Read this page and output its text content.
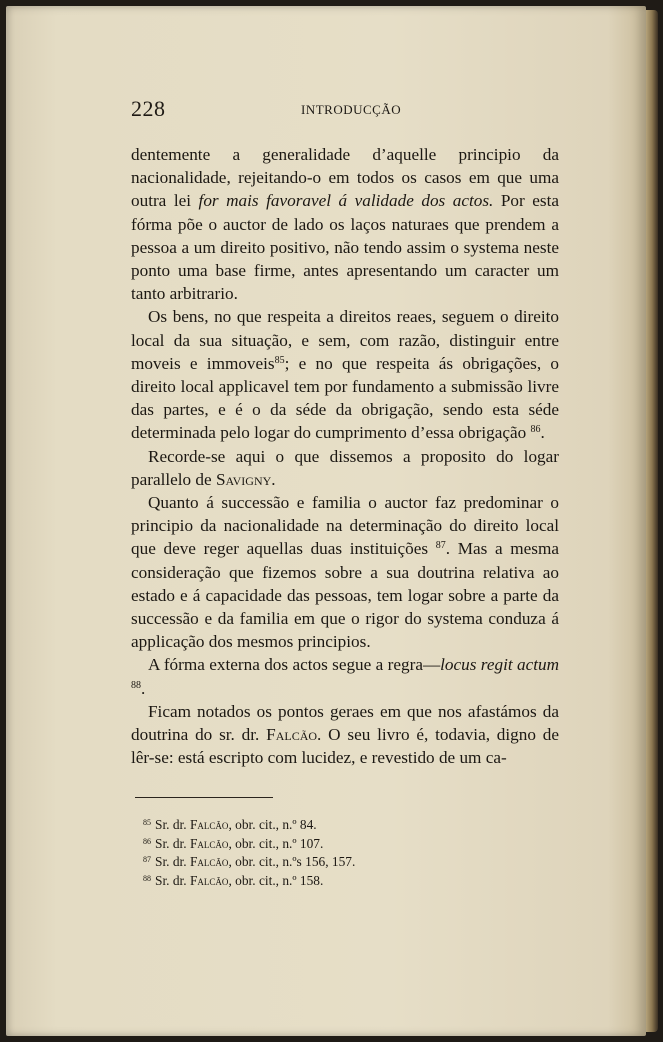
228	INTRODUCÇÃO

dentemente a generalidade d’aquelle principio da nacionalidade, rejeitando-o em todos os casos em que uma outra lei for mais favoravel á validade dos actos. Por esta fórma põe o auctor de lado os laços naturaes que prendem a pessoa a um direito positivo, não tendo assim o systema neste ponto uma base firme, antes apresentando um caracter um tanto arbitrario.

Os bens, no que respeita a direitos reaes, seguem o direito local da sua situação, e sem, com razão, distinguir entre moveis e immoveis$^{85}$; e no que respeita ás obrigações, o direito local applicavel tem por fundamento a submissão livre das partes, e é o da séde da obrigação, sendo esta séde determinada pelo logar do cumprimento d’essa obrigação $^{86}$.

Recorde-se aqui o que dissemos a proposito do logar parallelo de Savigny.

Quanto á successão e familia o auctor faz predominar o principio da nacionalidade na determinação do direito local que deve reger aquellas duas instituições $^{87}$. Mas a mesma consideração que fizemos sobre a sua doutrina relativa ao estado e á capacidade das pessoas, tem logar sobre a parte da successão e da familia em que o rigor do systema conduza á applicação dos mesmos principios.

A fórma externa dos actos segue a regra—locus regit actum $^{88}$.

Ficam notados os pontos geraes em que nos afastámos da doutrina do sr. dr. Falcão. O seu livro é, todavia, digno de lêr-se: está escripto com lucidez, e revestido de um ca-

$^{85}$ Sr. dr. Falcão, obr. cit., n.º 84.
$^{86}$ Sr. dr. Falcão, obr. cit., n.º 107.
$^{87}$ Sr. dr. Falcão, obr. cit., n.ºs 156, 157.
$^{88}$ Sr. dr. Falcão, obr. cit., n.º 158.
